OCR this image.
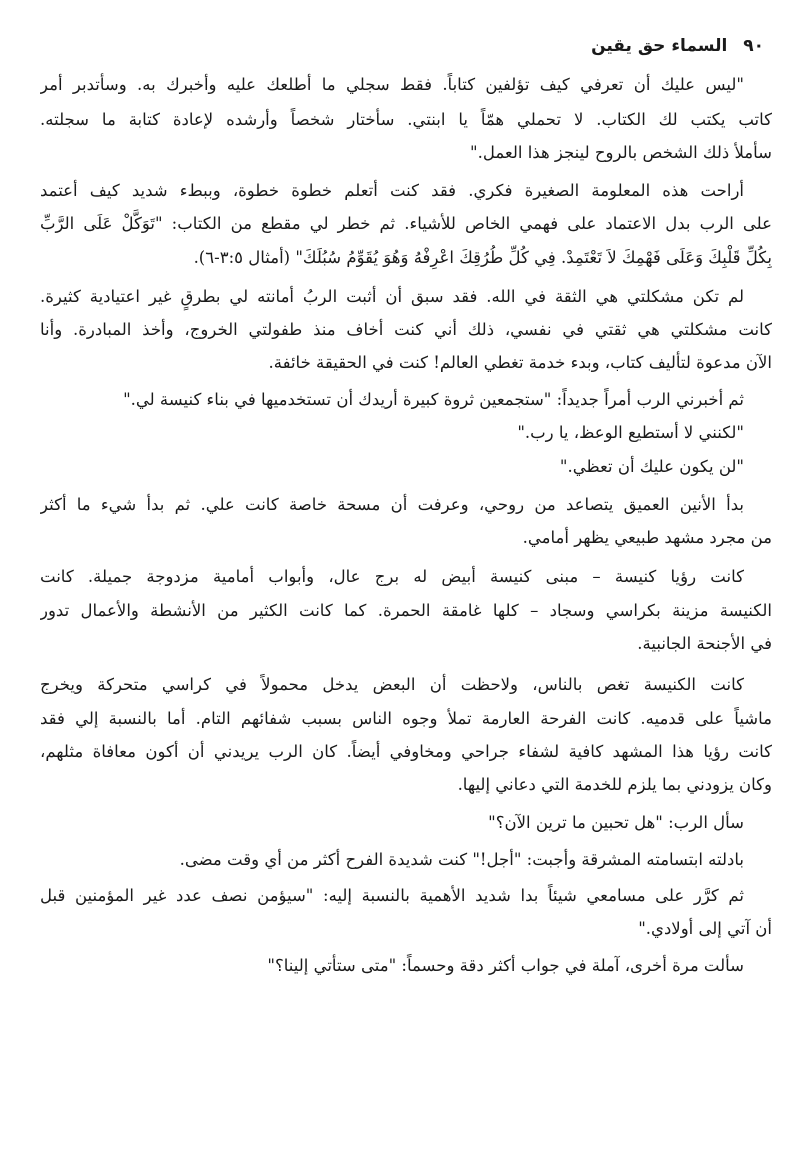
٩٠ السماء حق يقين
"ليس عليك أن تعرفي كيف تؤلفين كتاباً. فقط سجلي ما أطلعك عليه وأخبرك به. وسأتدبر أمر
كاتب يكتب لك الكتاب. لا تحملي همّاً يا ابنتي. سأختار شخصاً وأرشده لإعادة كتابة ما سجلته.
سأملأ ذلك الشخص بالروح لينجز هذا العمل."
أراحت هذه المعلومة الصغيرة فكري. فقد كنت أتعلم خطوة خطوة، وببطء شديد كيف أعتمد
على الرب بدل الاعتماد على فهمي الخاص للأشياء. ثم خطر لي مقطع من الكتاب: "تَوَكَّلْ عَلَى الرَّبِّ
بِكُلِّ قَلْبِكَ وَعَلَى فَهْمِكَ لاَ تَعْتَمِدْ. فِي كُلِّ طُرُقِكَ اعْرِفْهُ وَهُوَ يُقَوِّمُ سُبُلَكَ" (أمثال ٣:٥-٦).
لم تكن مشكلتي هي الثقة في الله. فقد سبق أن أثبت الربُ أمانته لي بطرقٍ غير اعتيادية كثيرة.
كانت مشكلتي هي ثقتي في نفسي، ذلك أني كنت أخاف منذ طفولتي الخروج، وأخذ المبادرة. وأنا
الآن مدعوة لتأليف كتاب، وبدء خدمة تغطي العالم! كنت في الحقيقة خائفة.
ثم أخبرني الرب أمراً جديداً: "ستجمعين ثروة كبيرة أريدك أن تستخدميها في بناء كنيسة لي."
"لكنني لا أستطيع الوعظ، يا رب."
"لن يكون عليك أن تعظي."
بدأ الأنين العميق يتصاعد من روحي، وعرفت أن مسحة خاصة كانت علي. ثم بدأ شيء ما أكثر
من مجرد مشهد طبيعي يظهر أمامي.
كانت رؤيا كنيسة – مبنى كنيسة أبيض له برج عال، وأبواب أمامية مزدوجة جميلة. كانت
الكنيسة مزينة بكراسي وسجاد – كلها غامقة الحمرة. كما كانت الكثير من الأنشطة والأعمال تدور
في الأجنحة الجانبية.
كانت الكنيسة تغص بالناس، ولاحظت أن البعض يدخل محمولاً في كراسي متحركة ويخرج
ماشياً على قدميه. كانت الفرحة العارمة تملأ وجوه الناس بسبب شفائهم التام. أما بالنسبة إلي فقد
كانت رؤيا هذا المشهد كافية لشفاء جراحي ومخاوفي أيضاً. كان الرب يريدني أن أكون معافاة مثلهم،
وكان يزودني بما يلزم للخدمة التي دعاني إليها.
سأل الرب: "هل تحبين ما ترين الآن؟"
بادلته ابتسامته المشرقة وأجبت: "أجل!" كنت شديدة الفرح أكثر من أي وقت مضى.
ثم كرَّر على مسامعي شيئاً بدا شديد الأهمية بالنسبة إليه: "سيؤمن نصف عدد غير المؤمنين قبل
أن آتي إلى أولادي."
سألت مرة أخرى، آملة في جواب أكثر دقة وحسماً: "متى ستأتي إلينا؟"
